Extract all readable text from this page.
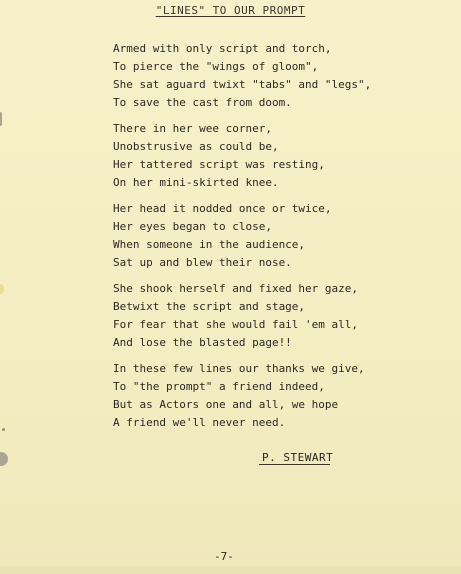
"LINES" TO OUR PROMPT
Armed with only script and torch,
To pierce the "wings of gloom",
She sat aguard twixt "tabs" and "legs",
To save the cast from doom.
There in her wee corner,
Unobstrusive as could be,
Her tattered script was resting,
On her mini-skirted knee.
Her head it nodded once or twice,
Her eyes began to close,
When someone in the audience,
Sat up and blew their nose.
She shook herself and fixed her gaze,
Betwixt the script and stage,
For fear that she would fail 'em all,
And lose the blasted page!!
In these few lines our thanks we give,
To "the prompt" a friend indeed,
But as Actors one and all, we hope
A friend we'll never need.
P. STEWART
-7-
